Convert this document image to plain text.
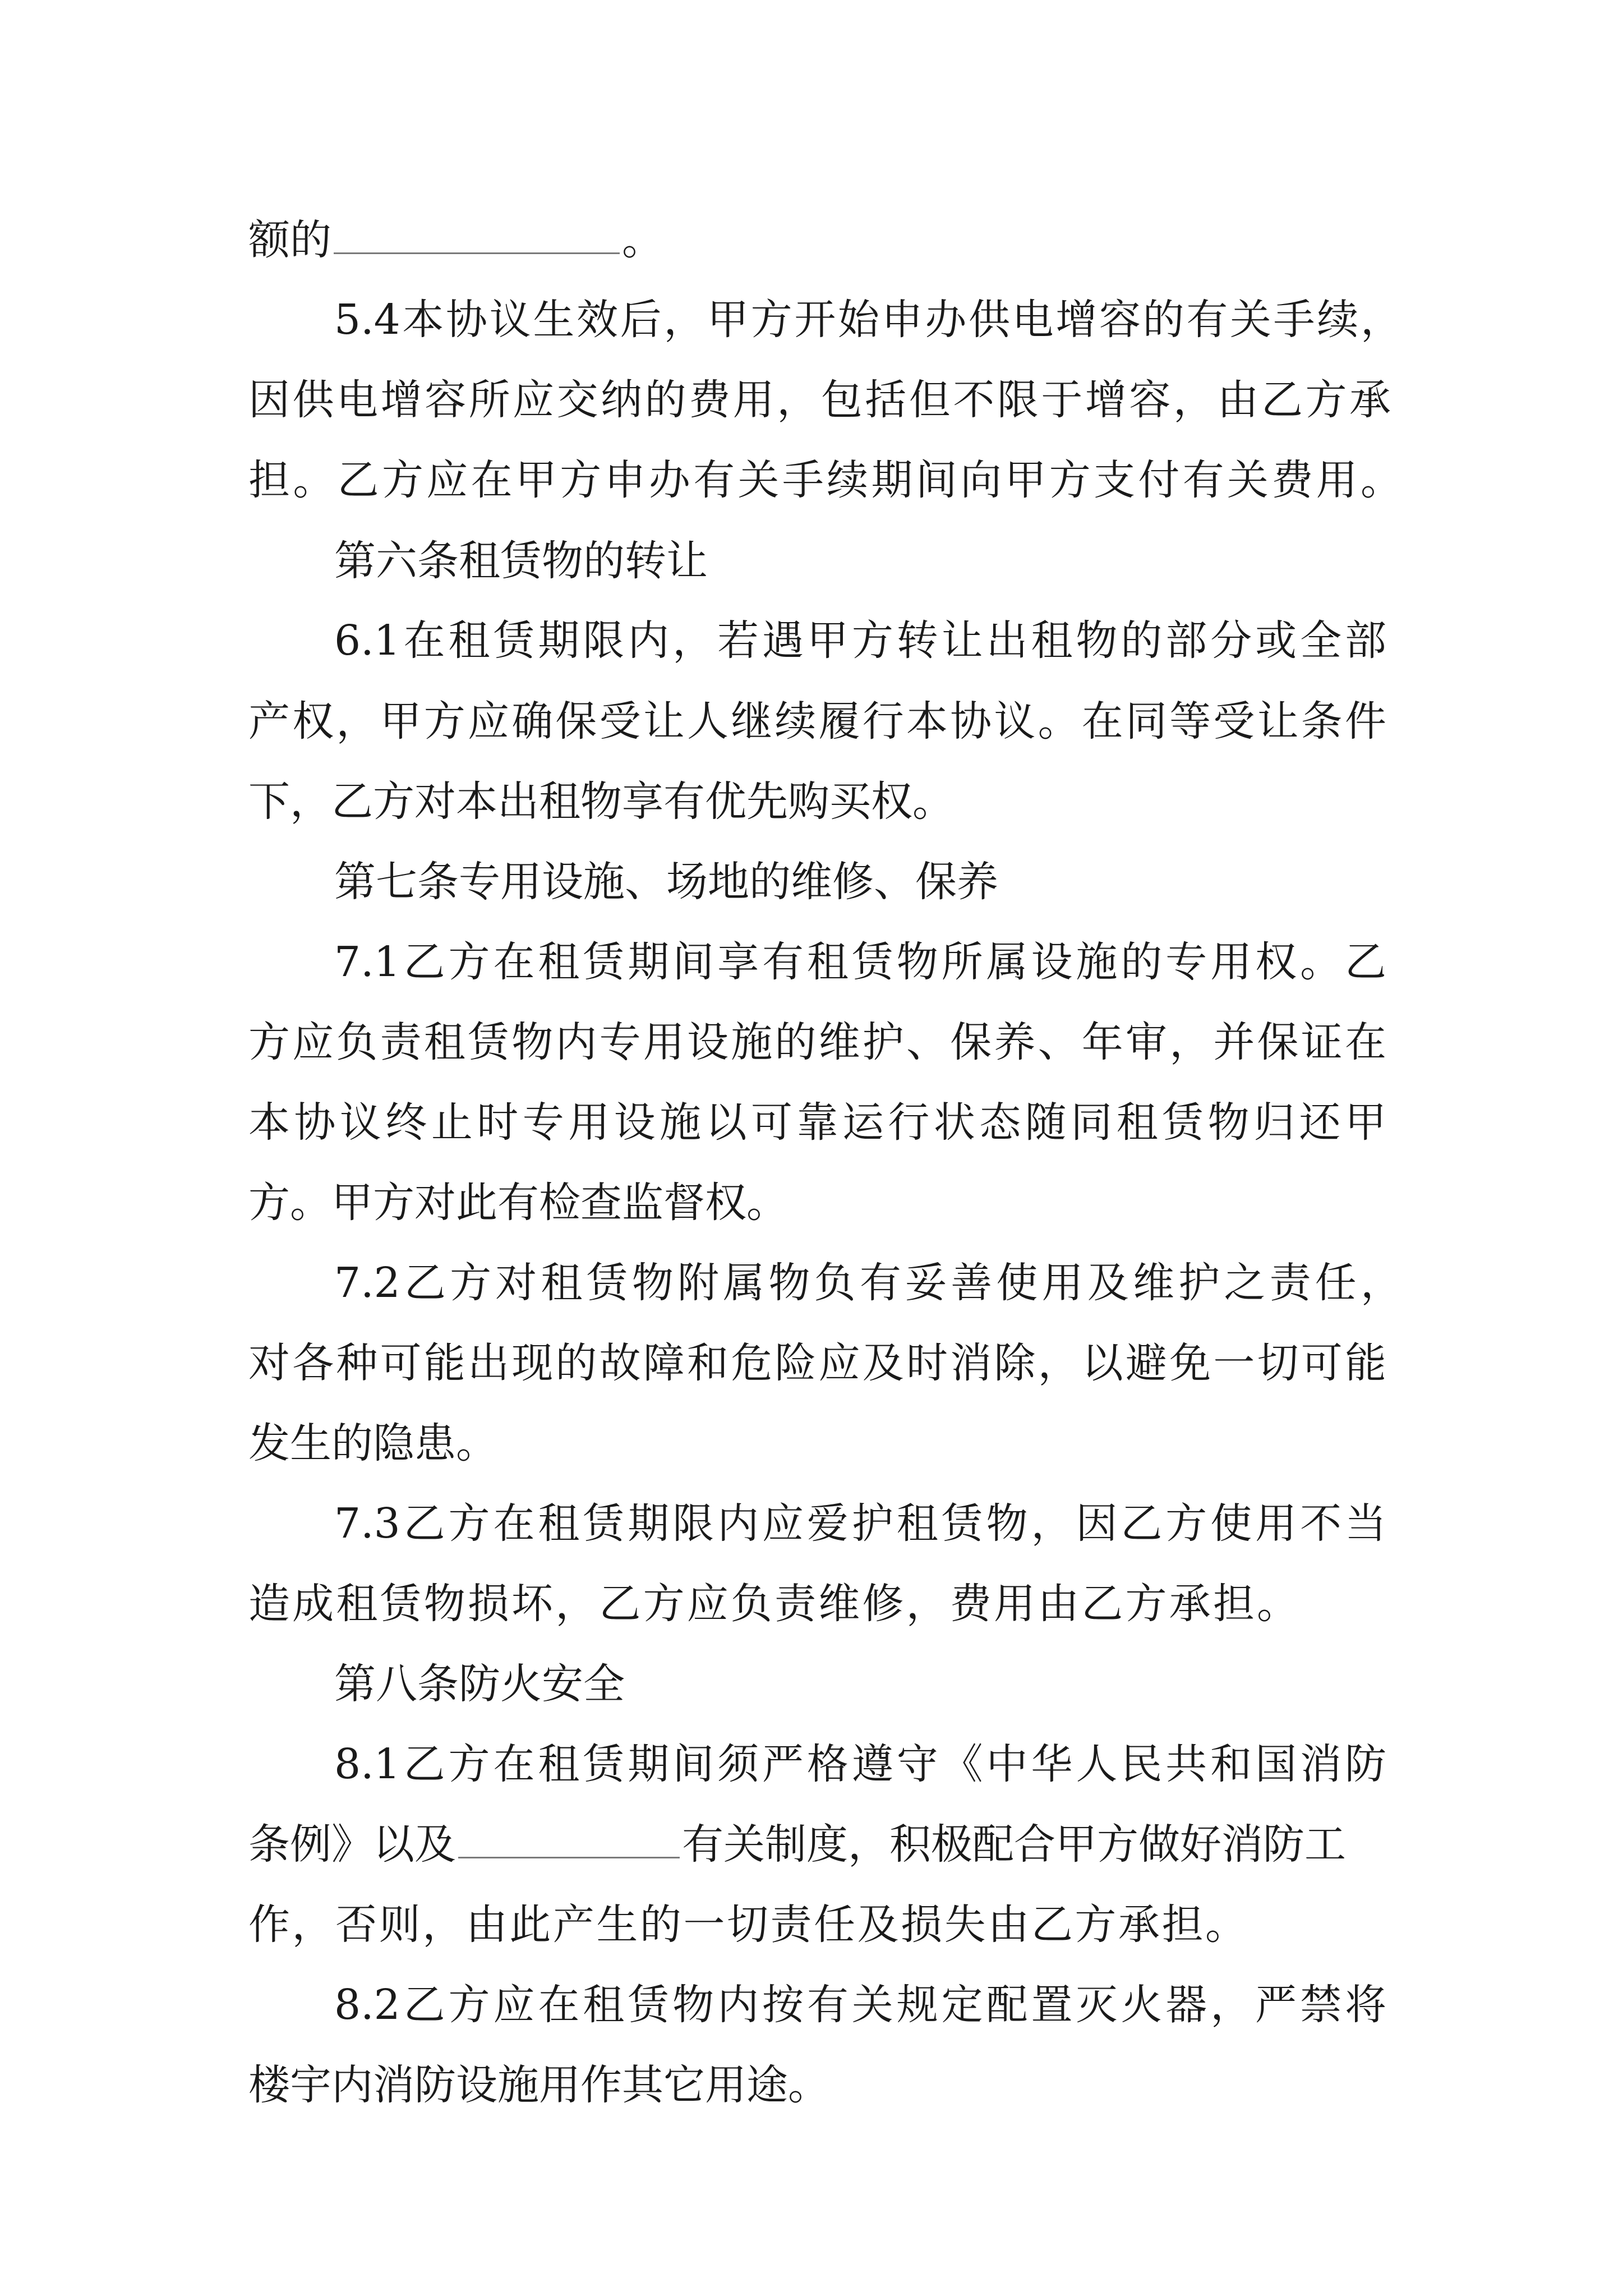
额的	。
5.4本协议生效后，甲方开始申办供电增容的有关手续，
因供电增容所应交纳的费用，包括但不限于增容，由乙方承
担。乙方应在甲方申办有关手续期间向甲方支付有关费用。
第六条租赁物的转让
6.1在租赁期限内，若遇甲方转让出租物的部分或全部
产权，甲方应确保受让人继续履行本协议。在同等受让条件
下，乙方对本出租物享有优先购买权。
第七条专用设施、场地的维修、保养
7.1乙方在租赁期间享有租赁物所属设施的专用权。乙
方应负责租赁物内专用设施的维护、保养、年审，并保证在
本协议终止时专用设施以可靠运行状态随同租赁物归还甲
方。甲方对此有检查监督权。
7.2乙方对租赁物附属物负有妥善使用及维护之责任，
对各种可能出现的故障和危险应及时消除，以避免一切可能
发生的隐患。
7.3乙方在租赁期限内应爱护租赁物，因乙方使用不当
造成租赁物损坏，乙方应负责维修，费用由乙方承担。
第八条防火安全
8.1乙方在租赁期间须严格遵守《中华人民共和国消防
条例》以及	有关制度，积极配合甲方做好消防工
作，否则，由此产生的一切责任及损失由乙方承担。
8.2乙方应在租赁物内按有关规定配置灭火器，严禁将
楼宇内消防设施用作其它用途。
